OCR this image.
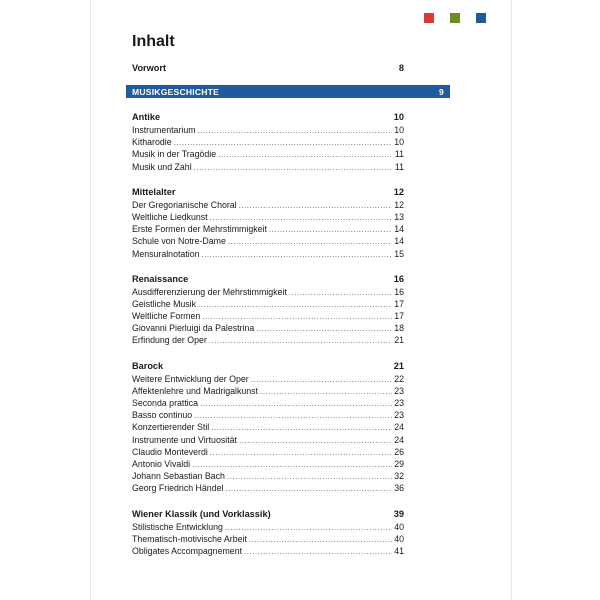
Inhalt
Vorwort	8
MUSIKGESCHICHTE	9
Antike	10
Instrumentarium .....	10
Kitharodie .....	10
Musik in der Tragödie .....	11
Musik und Zahl .....	11
Mittelalter	12
Der Gregorianische Choral .....	12
Weltliche Liedkunst .....	13
Erste Formen der Mehrstimmigkeit .....	14
Schule von Notre-Dame .....	14
Mensuralnotation .....	15
Renaissance	16
Ausdifferenzierung der Mehrstimmigkeit .....	16
Geistliche Musik .....	17
Weltliche Formen .....	17
Giovanni Pierluigi da Palestrina .....	18
Erfindung der Oper .....	21
Barock	21
Weitere Entwicklung der Oper .....	22
Affektenlehre und Madrigalkunst .....	23
Seconda prattica .....	23
Basso continuo .....	23
Konzertierender Stil .....	24
Instrumente und Virtuosität .....	24
Claudio Monteverdi .....	26
Antonio Vivaldi .....	29
Johann Sebastian Bach .....	32
Georg Friedrich Händel .....	36
Wiener Klassik (und Vorklassik)	39
Stilistische Entwicklung .....	40
Thematisch-motivische Arbeit .....	40
Obligates Accompagnement .....	41
